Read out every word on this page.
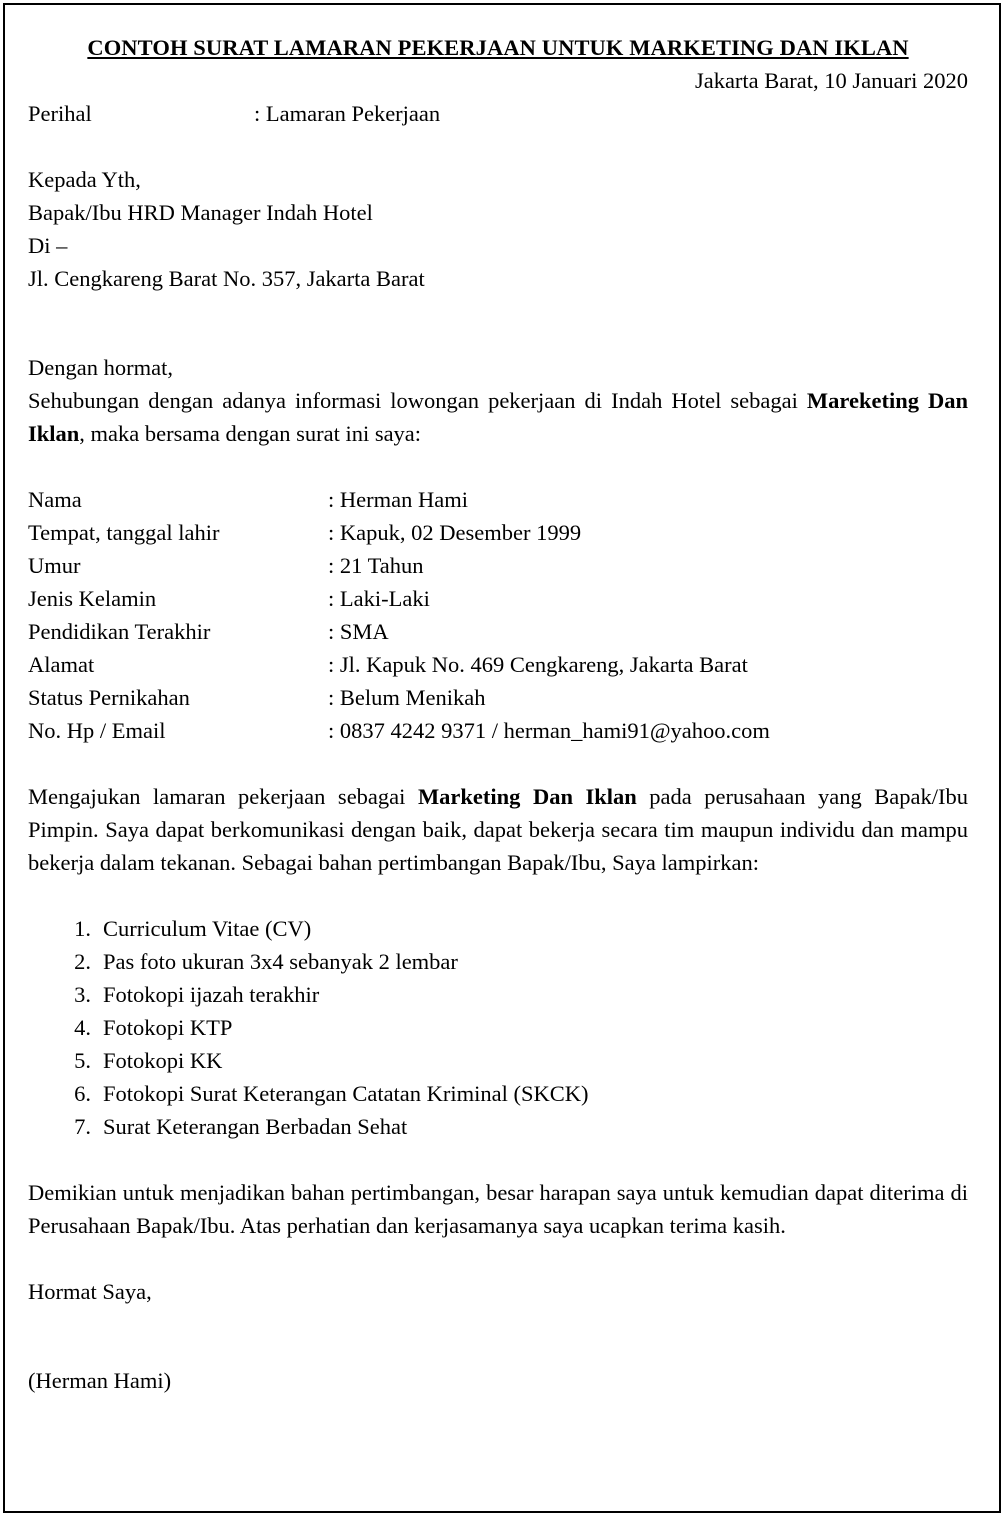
CONTOH SURAT LAMARAN PEKERJAAN UNTUK MARKETING DAN IKLAN
Jakarta Barat, 10 Januari 2020
Perihal	: Lamaran Pekerjaan
Kepada Yth,
Bapak/Ibu HRD Manager Indah Hotel
Di –
Jl. Cengkareng Barat No. 357, Jakarta Barat
Dengan hormat,

Sehubungan dengan adanya informasi lowongan pekerjaan di Indah Hotel sebagai Mareketing Dan Iklan, maka bersama dengan surat ini saya:

Nama	: Herman Hami
Tempat, tanggal lahir	: Kapuk, 02 Desember 1999
Umur	: 21 Tahun
Jenis Kelamin	: Laki-Laki
Pendidikan Terakhir	: SMA
Alamat	: Jl. Kapuk No. 469 Cengkareng, Jakarta Barat
Status Pernikahan	: Belum Menikah
No. Hp / Email	: 0837 4242 9371 / herman_hami91@yahoo.com

Mengajukan lamaran pekerjaan sebagai Marketing Dan Iklan pada perusahaan yang Bapak/Ibu Pimpin. Saya dapat berkomunikasi dengan baik, dapat bekerja secara tim maupun individu dan mampu bekerja dalam tekanan. Sebagai bahan pertimbangan Bapak/Ibu, Saya lampirkan:

1. Curriculum Vitae (CV)
2. Pas foto ukuran 3x4 sebanyak 2 lembar
3. Fotokopi ijazah terakhir
4. Fotokopi KTP
5. Fotokopi KK
6. Fotokopi Surat Keterangan Catatan Kriminal (SKCK)
7. Surat Keterangan Berbadan Sehat

Demikian untuk menjadikan bahan pertimbangan, besar harapan saya untuk kemudian dapat diterima di Perusahaan Bapak/Ibu. Atas perhatian dan kerjasamanya saya ucapkan terima kasih.

Hormat Saya,
(Herman Hami)
